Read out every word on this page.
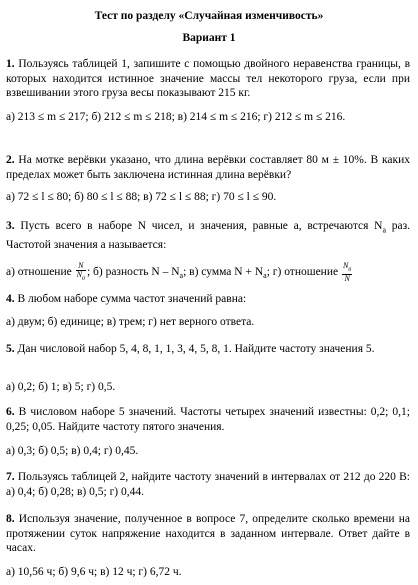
Тест по разделу «Случайная изменчивость»
Вариант 1
1. Пользуясь таблицей 1, запишите с помощью двойного неравенства границы, в которых находится истинное значение массы тел некоторого груза, если при взвешивании этого груза весы показывают 215 кг.
а) 213 ≤ m ≤ 217; б) 212 ≤ m ≤ 218; в) 214 ≤ m ≤ 216; г) 212 ≤ m ≤ 216.
2. На мотке верёвки указано, что длина верёвки составляет 80 м ± 10%. В каких пределах может быть заключена истинная длина верёвки?
а) 72 ≤ l ≤ 80; б) 80 ≤ l ≤ 88; в) 72 ≤ l ≤ 88; г) 70 ≤ l ≤ 90.
3. Пусть всего в наборе N чисел, и значения, равные a, встречаются $N_a$ раз. Частотой значения a называется:
а) отношение $\frac{N}{N_a}$ ; б) разность N – $N_a$; в) сумма $N + N_a$; г) отношение $\frac{N_a}{N}$
4. В любом наборе сумма частот значений равна:
а) двум; б) единице; в) трем; г) нет верного ответа.
5. Дан числовой набор 5, 4, 8, 1, 1, 3, 4, 5, 8, 1. Найдите частоту значения 5.
а) 0,2; б) 1; в) 5; г) 0,5.
6. В числовом наборе 5 значений. Частоты четырех значений известны: 0,2; 0,1; 0,25; 0,05. Найдите частоту пятого значения.
а) 0,3; б) 0,5; в) 0,4; г) 0,45.
7. Пользуясь таблицей 2, найдите частоту значений в интервалах от 212 до 220 В: а) 0,4; б) 0,28; в) 0,5; г) 0,44.
8. Используя значение, полученное в вопросе 7, определите сколько времени на протяжении суток напряжение находится в заданном интервале. Ответ дайте в часах.
а) 10,56 ч; б) 9,6 ч; в) 12 ч; г) 6,72 ч.
